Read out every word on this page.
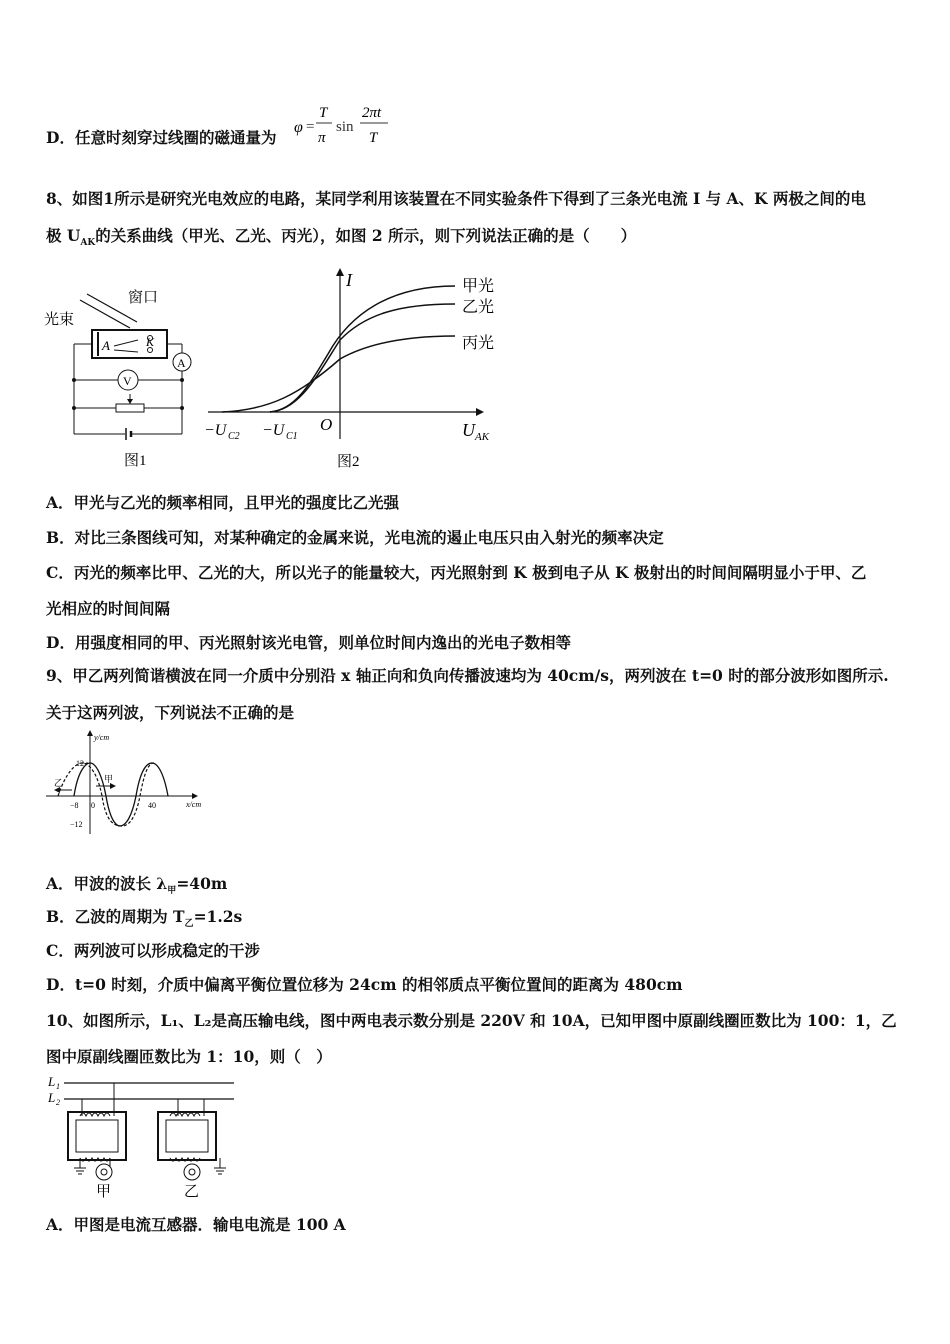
D．任意时刻穿过线圈的磁通量为
φ =
T
π
sin
2πt
T
8、如图1所示是研究光电效应的电路，某同学利用该装置在不同实验条件下得到了三条光电流 I 与 A、K 两极之间的电
极 $U_{AK}$的关系曲线（甲光、乙光、丙光），如图 2 所示，则下列说法正确的是（　　）
窗口
光束
A	K
A
V
图1
I
U AK
O
−U C2 −U C1
甲光
乙光
丙光
图2
A．甲光与乙光的频率相同，且甲光的强度比乙光强
B．对比三条图线可知，对某种确定的金属来说，光电流的遏止电压只由入射光的频率决定
C．丙光的频率比甲、乙光的大，所以光子的能量较大，丙光照射到 K 极到电子从 K 极射出的时间间隔明显小于甲、乙
光相应的时间间隔
D．用强度相同的甲、丙光照射该光电管，则单位时间内逸出的光电子数相等
9、甲乙两列简谐横波在同一介质中分别沿 x 轴正向和负向传播波速均为 40cm/s，两列波在 t=0 时的部分波形如图所示.
关于这两列波，下列说法不正确的是
y/cm
x/cm
12
−12
−8 0	40
乙	甲
A．甲波的波长 $\lambda_甲=40m$
B．乙波的周期为 $T_乙=1.2s$
C．两列波可以形成稳定的干涉
D．t=0 时刻，介质中偏离平衡位置位移为 24cm 的相邻质点平衡位置间的距离为 480cm
10、如图所示，L₁、L₂是高压输电线，图中两电表示数分别是 220V 和 10A，已知甲图中原副线圈匝数比为 100：1，乙
图中原副线圈匝数比为 1：10，则（　）
L 1
L 2
甲	乙
A．甲图是电流互感器．输电电流是 100 A
